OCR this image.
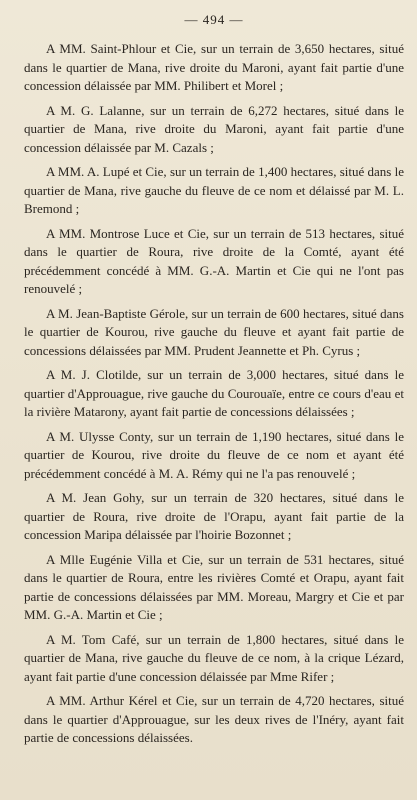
— 494 —

A MM. Saint-Phlour et Cie, sur un terrain de 3,650 hectares, situé dans le quartier de Mana, rive droite du Maroni, ayant fait partie d'une concession délaissée par MM. Philibert et Morel ;

A M. G. Lalanne, sur un terrain de 6,272 hectares, situé dans le quartier de Mana, rive droite du Maroni, ayant fait partie d'une concession délaissée par M. Cazals ;

A MM. A. Lupé et Cie, sur un terrain de 1,400 hectares, situé dans le quartier de Mana, rive gauche du fleuve de ce nom et délaissé par M. L. Bremond ;

A MM. Montrose Luce et Cie, sur un terrain de 513 hectares, situé dans le quartier de Roura, rive droite de la Comté, ayant été précédemment concédé à MM. G.-A. Martin et Cie qui ne l'ont pas renouvelé ;

A M. Jean-Baptiste Gérole, sur un terrain de 600 hectares, situé dans le quartier de Kourou, rive gauche du fleuve et ayant fait partie de concessions délaissées par MM. Prudent Jeannette et Ph. Cyrus ;

A M. J. Clotilde, sur un terrain de 3,000 hectares, situé dans le quartier d'Approuague, rive gauche du Courouaïe, entre ce cours d'eau et la rivière Matarony, ayant fait partie de concessions délaissées ;

A M. Ulysse Conty, sur un terrain de 1,190 hectares, situé dans le quartier de Kourou, rive droite du fleuve de ce nom et ayant été précédemment concédé à M. A. Rémy qui ne l'a pas renouvelé ;

A M. Jean Gohy, sur un terrain de 320 hectares, situé dans le quartier de Roura, rive droite de l'Orapu, ayant fait partie de la concession Maripa délaissée par l'hoirie Bozonnet ;

A Mlle Eugénie Villa et Cie, sur un terrain de 531 hectares, situé dans le quartier de Roura, entre les rivières Comté et Orapu, ayant fait partie de concessions délaissées par MM. Moreau, Margry et Cie et par MM. G.-A. Martin et Cie ;

A M. Tom Café, sur un terrain de 1,800 hectares, situé dans le quartier de Mana, rive gauche du fleuve de ce nom, à la crique Lézard, ayant fait partie d'une concession délaissée par Mme Rifer ;

A MM. Arthur Kérel et Cie, sur un terrain de 4,720 hectares, situé dans le quartier d'Approuague, sur les deux rives de l'Inéry, ayant fait partie de concessions délaissées.
